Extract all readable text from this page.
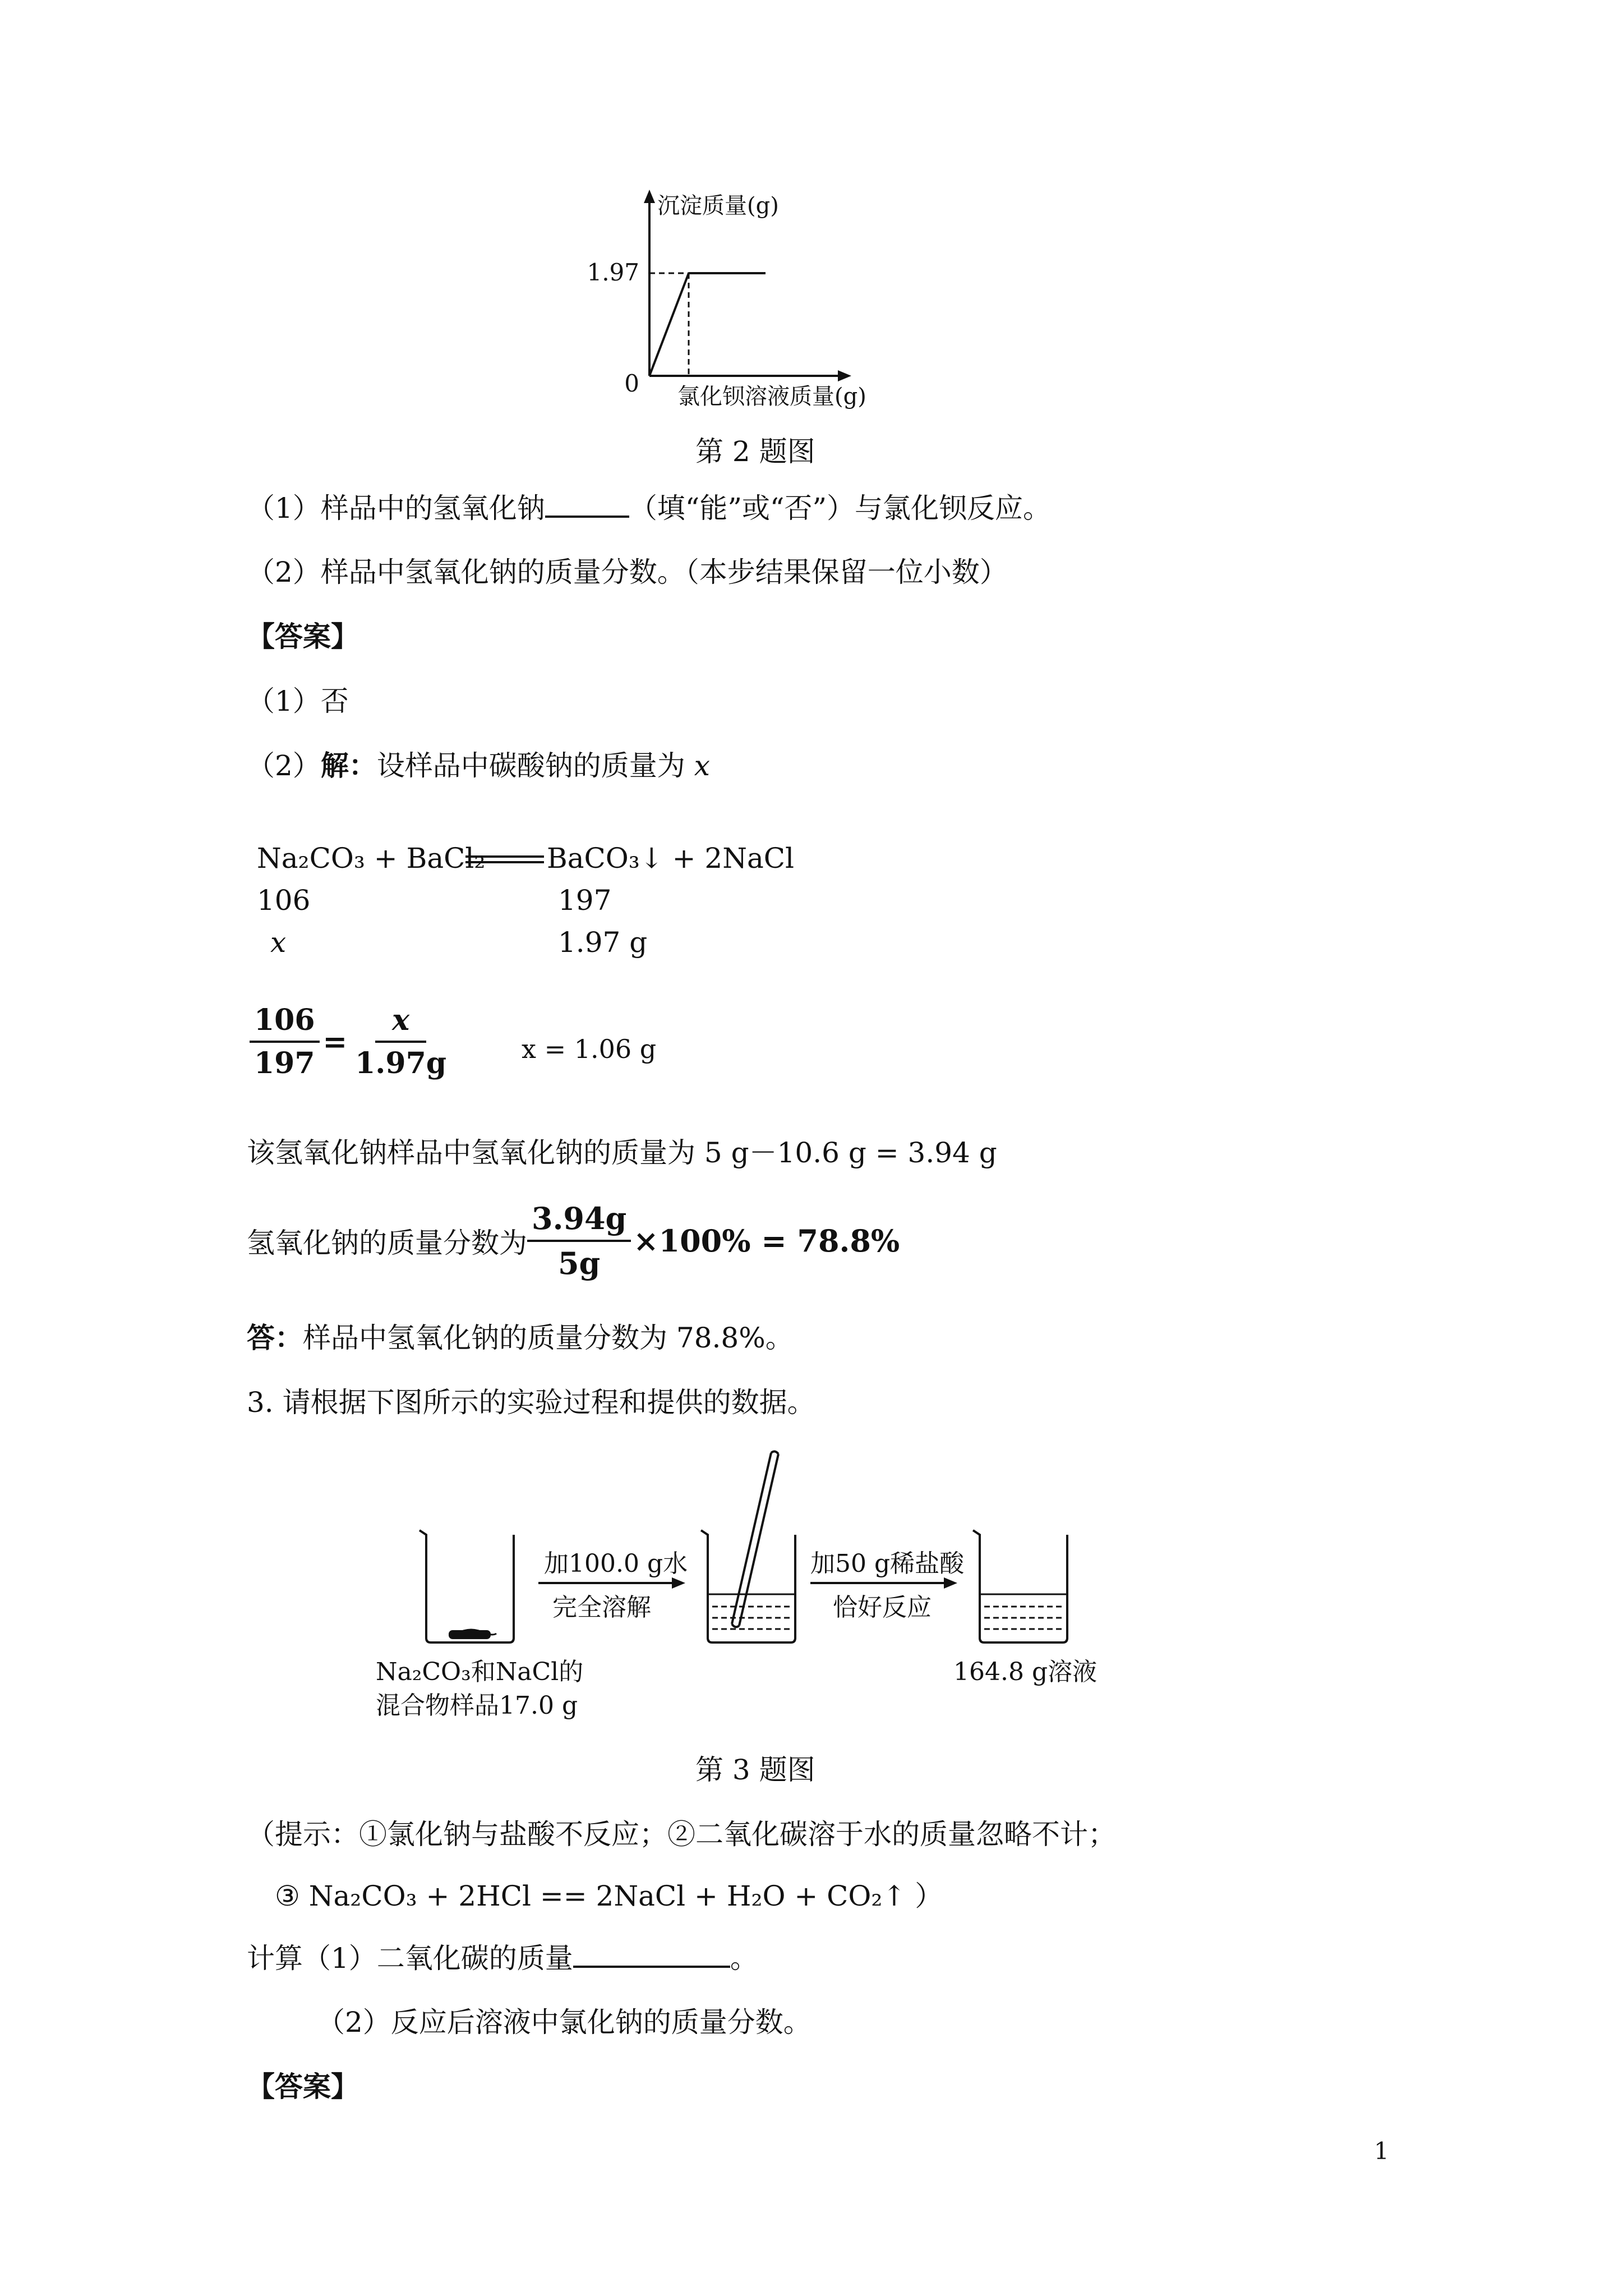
沉淀质量(g)
1.97
0 氯化钡溶液质量(g)
第 2 题图
（1）样品中的氢氧化钠	（填“能”或“否”）与氯化钡反应。
（2）样品中氢氧化钠的质量分数。（本步结果保留一位小数）
【答案】
（1）否
（2）解：设样品中碳酸钠的质量为 x
Na₂CO₃ + BaCl₂ BaCO₃↓ + 2NaCl
106	197
x	1.97 g
$\frac{106}{197} = \frac{x}{1.97g}$	x = 1.06 g
该氢氧化钠样品中氢氧化钠的质量为 5 g－10.6 g = 3.94 g
氢氧化钠的质量分数为 $\frac{3.94g}{5g} \times 100\% = 78.8\%$
答：样品中氢氧化钠的质量分数为 78.8%。
3. 请根据下图所示的实验过程和提供的数据。
加100.0 g水
完全溶解
加50 g稀盐酸
恰好反应
Na₂CO₃和NaCl的
混合物样品17.0 g
164.8 g溶液
第 3 题图
（提示：①氯化钠与盐酸不反应；②二氧化碳溶于水的质量忽略不计；
③ Na₂CO₃ + 2HCl == 2NaCl + H₂O + CO₂↑ ）
计算（1）二氧化碳的质量	。
（2）反应后溶液中氯化钠的质量分数。
【答案】
1
